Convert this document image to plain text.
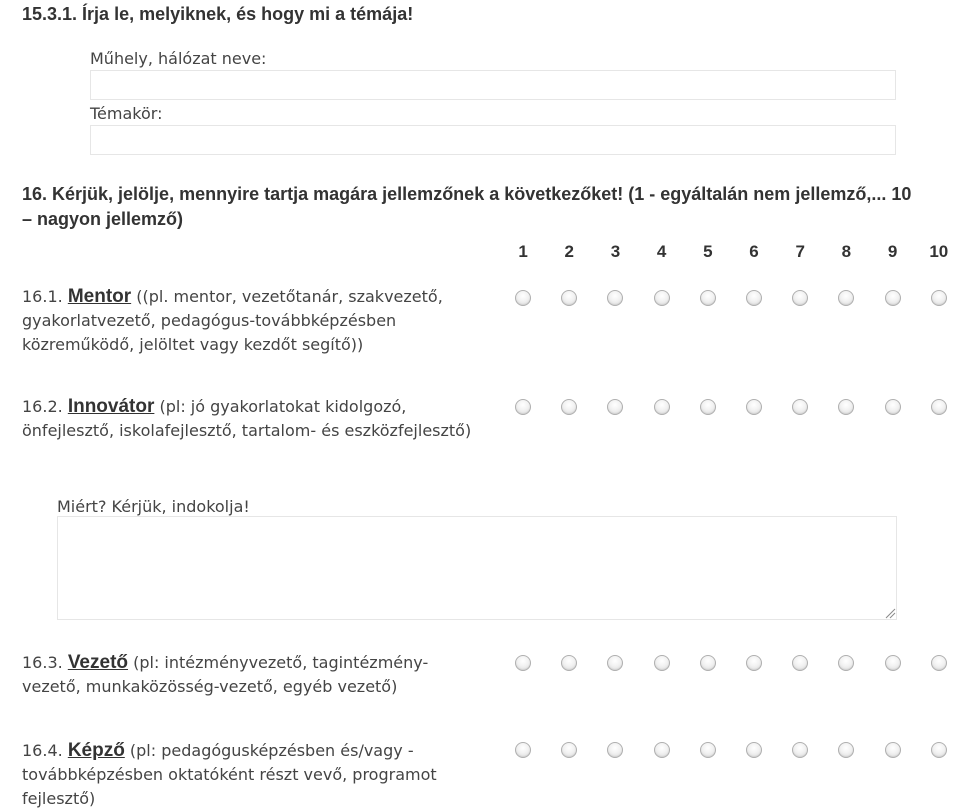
15.3.1. Írja le, melyiknek, és hogy mi a témája!
Műhely, hálózat neve:
Témakör:
16. Kérjük, jelölje, mennyire tartja magára jellemzőnek a következőket! (1 - egyáltalán nem jellemző,... 10 – nagyon jellemző)
1	2	3	4	5	6	7	8	9	10
16.1. Mentor ((pl. mentor, vezetőtanár, szakvezető, gyakorlatvezető, pedagógus-továbbképzésben közreműködő, jelöltet vagy kezdőt segítő))
16.2. Innovátor (pl: jó gyakorlatokat kidolgozó, önfejlesztő, iskolafejlesztő, tartalom- és eszközfejlesztő)
Miért? Kérjük, indokolja!
16.3. Vezető (pl: intézményvezető, tagintézmény-vezető, munkaközösség-vezető, egyéb vezető)
16.4. Képző (pl: pedagógusképzésben és/vagy - továbbképzésben oktatóként részt vevő, programot fejlesztő)
